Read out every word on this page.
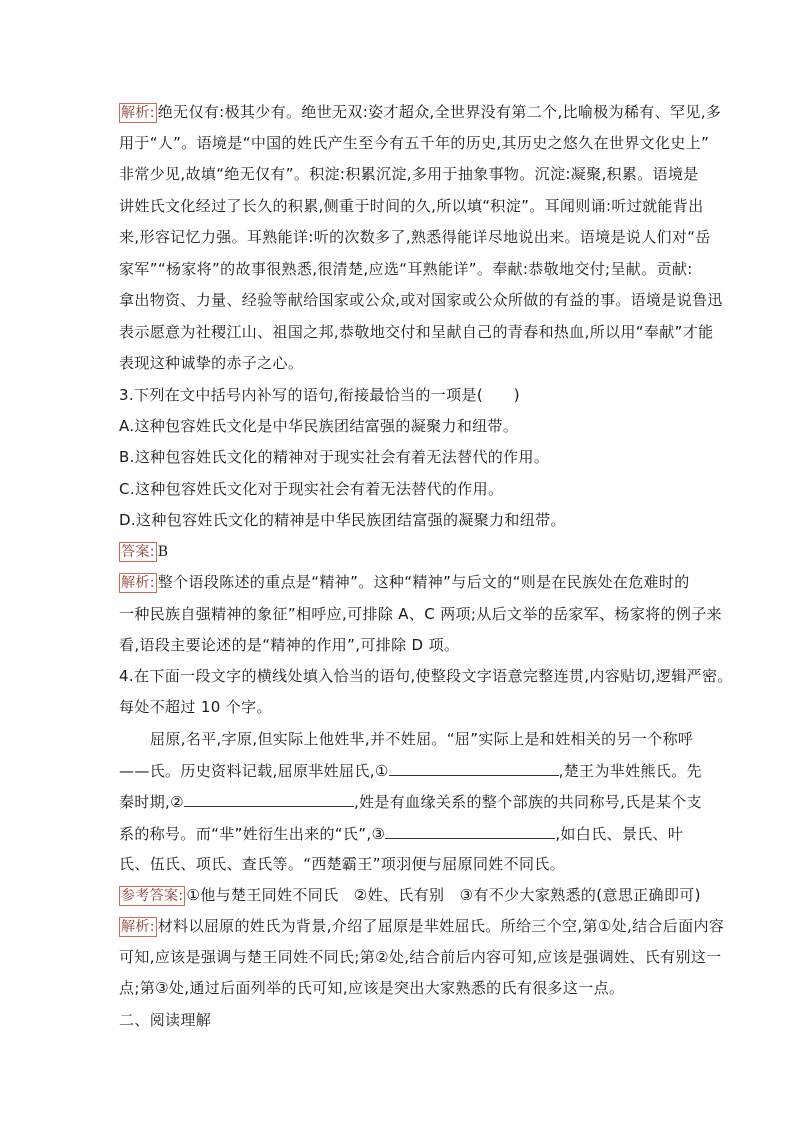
解析: 绝无仅有:极其少有。绝世无双:姿才超众,全世界没有第二个,比喻极为稀有、罕见,多
用于“人”。语境是“中国的姓氏产生至今有五千年的历史,其历史之悠久在世界文化史上”
非常少见,故填“绝无仅有”。积淀:积累沉淀,多用于抽象事物。沉淀:凝聚,积累。语境是
讲姓氏文化经过了长久的积累,侧重于时间的久,所以填“积淀”。耳闻则诵:听过就能背出
来,形容记忆力强。耳熟能详:听的次数多了,熟悉得能详尽地说出来。语境是说人们对“岳
家军”“杨家将”的故事很熟悉,很清楚,应选“耳熟能详”。奉献:恭敬地交付;呈献。贡献:
拿出物资、力量、经验等献给国家或公众,或对国家或公众所做的有益的事。语境是说鲁迅
表示愿意为社稷江山、祖国之邦,恭敬地交付和呈献自己的青春和热血,所以用“奉献”才能
表现这种诚挚的赤子之心。
3.下列在文中括号内补写的语句,衔接最恰当的一项是(　　)
A.这种包容姓氏文化是中华民族团结富强的凝聚力和纽带。
B.这种包容姓氏文化的精神对于现实社会有着无法替代的作用。
C.这种包容姓氏文化对于现实社会有着无法替代的作用。
D.这种包容姓氏文化的精神是中华民族团结富强的凝聚力和纽带。
答案: B
解析: 整个语段陈述的重点是“精神”。这种“精神”与后文的“则是在民族处在危难时的
一种民族自强精神的象征”相呼应,可排除 A、C 两项;从后文举的岳家军、杨家将的例子来
看,语段主要论述的是“精神的作用”,可排除 D 项。
4.在下面一段文字的横线处填入恰当的语句,使整段文字语意完整连贯,内容贴切,逻辑严密。
每处不超过 10 个字。
屈原,名平,字原,但实际上他姓芈,并不姓屈。“屈”实际上是和姓相关的另一个称呼
——氏。历史资料记载,屈原芈姓屈氏,①	,楚王为芈姓熊氏。先
秦时期,②	,姓是有血缘关系的整个部族的共同称号,氏是某个支
系的称号。而“芈”姓衍生出来的“氏”,③	,如白氏、景氏、叶
氏、伍氏、项氏、查氏等。“西楚霸王”项羽便与屈原同姓不同氏。
参考答案: ①他与楚王同姓不同氏　②姓、氏有别　③有不少大家熟悉的(意思正确即可)
解析: 材料以屈原的姓氏为背景,介绍了屈原是芈姓屈氏。所给三个空,第①处,结合后面内容
可知,应该是强调与楚王同姓不同氏;第②处,结合前后内容可知,应该是强调姓、氏有别这一
点;第③处,通过后面列举的氏可知,应该是突出大家熟悉的氏有很多这一点。
二、阅读理解
